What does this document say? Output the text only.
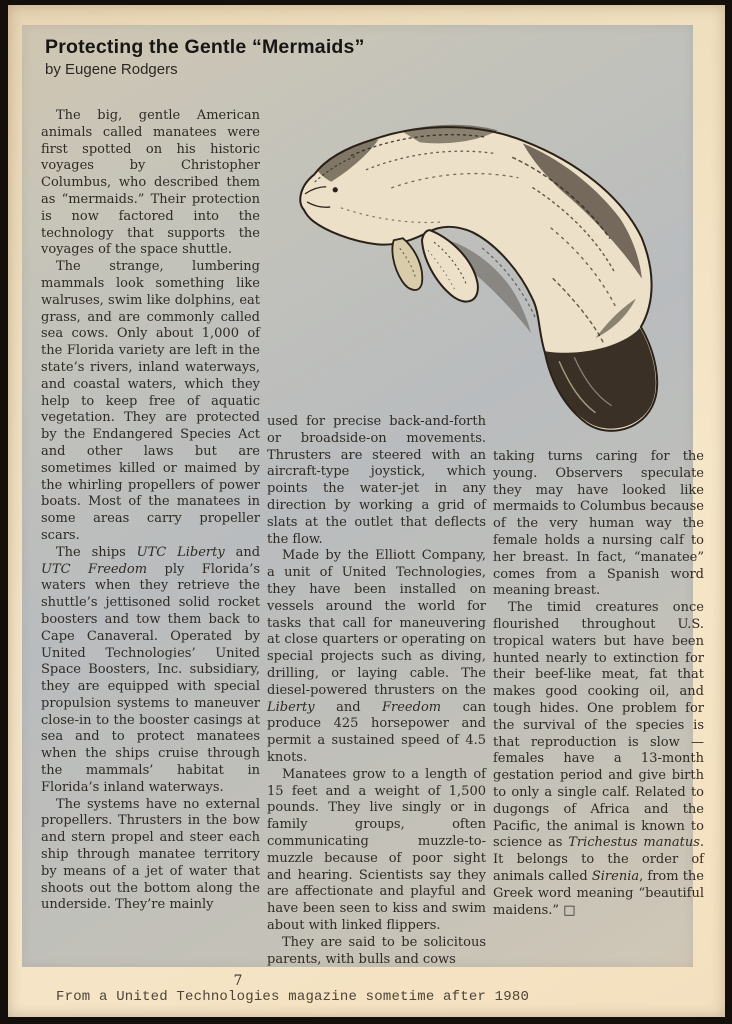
Protecting the Gentle “Mermaids”
by Eugene Rodgers

The big, gentle American animals called manatees were first spotted on his historic voyages by Christopher Columbus, who described them as “mermaids.” Their protection is now factored into the technology that supports the voyages of the space shuttle.

The strange, lumbering mammals look something like walruses, swim like dolphins, eat grass, and are commonly called sea cows. Only about 1,000 of the Florida variety are left in the state’s rivers, inland waterways, and coastal waters, which they help to keep free of aquatic vegetation. They are protected by the Endangered Species Act and other laws but are sometimes killed or maimed by the whirling propellers of power boats. Most of the manatees in some areas carry propeller scars.

The ships UTC Liberty and UTC Freedom ply Florida’s waters when they retrieve the shuttle’s jettisoned solid rocket boosters and tow them back to Cape Canaveral. Operated by United Technologies’ United Space Boosters, Inc. subsidiary, they are equipped with special propulsion systems to maneuver close-in to the booster casings at sea and to protect manatees when the ships cruise through the mammals’ habitat in Florida’s inland waterways.

The systems have no external propellers. Thrusters in the bow and stern propel and steer each ship through manatee territory by means of a jet of water that shoots out the bottom along the underside. They’re mainly

used for precise back-and-forth or broadside-on movements. Thrusters are steered with an aircraft-type joystick, which points the water-jet in any direction by working a grid of slats at the outlet that deflects the flow.

Made by the Elliott Company, a unit of United Technologies, they have been installed on vessels around the world for tasks that call for maneuvering at close quarters or operating on special projects such as diving, drilling, or laying cable. The diesel-powered thrusters on the Liberty and Freedom can produce 425 horsepower and permit a sustained speed of 4.5 knots.

Manatees grow to a length of 15 feet and a weight of 1,500 pounds. They live singly or in family groups, often communicating muzzle-to-muzzle because of poor sight and hearing. Scientists say they are affectionate and playful and have been seen to kiss and swim about with linked flippers.

They are said to be solicitous parents, with bulls and cows

taking turns caring for the young. Observers speculate they may have looked like mermaids to Columbus because of the very human way the female holds a nursing calf to her breast. In fact, “manatee” comes from a Spanish word meaning breast.

The timid creatures once flourished throughout U.S. tropical waters but have been hunted nearly to extinction for their beef-like meat, fat that makes good cooking oil, and tough hides. One problem for the survival of the species is that reproduction is slow — females have a 13-month gestation period and give birth to only a single calf. Related to dugongs of Africa and the Pacific, the animal is known to science as Trichestus manatus. It belongs to the order of animals called Sirenia, from the Greek word meaning “beautiful maidens.” □

7
From a United Technologies magazine sometime after 1980
